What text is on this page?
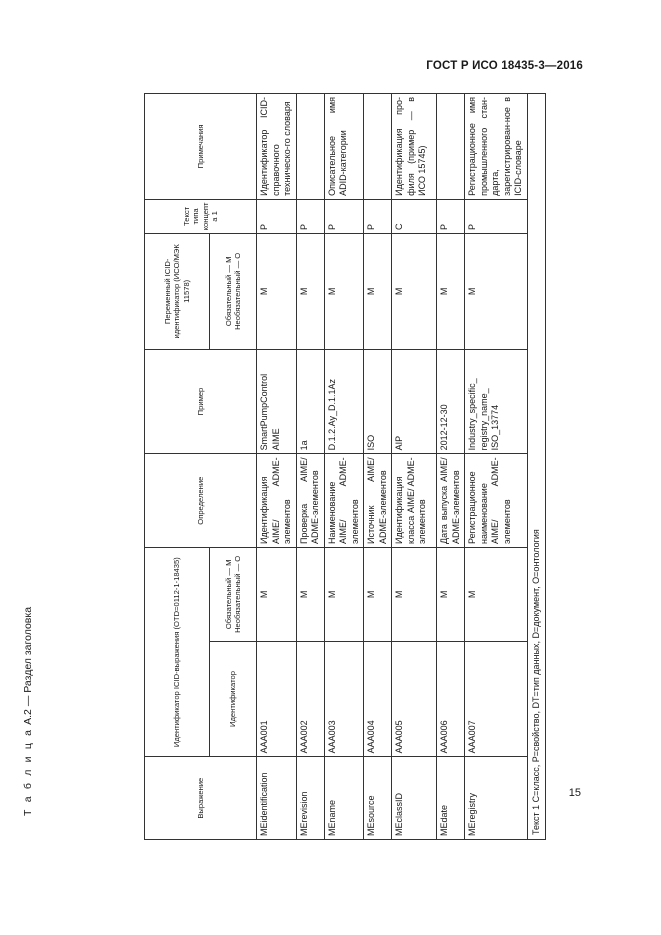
ГОСТ Р ИСО 18435-3—2016
Т а б л и ц а А.2 — Раздел заголовка
Выражение	Идентификатор ICID-выражения (OTD=0112-1-18435)		Определение	Пример	Переменный ICID-идентификатор (ИСО/МЭК 11578)	Текст типа концепта 1	Примечания
	Идентификатор	Обязательный — М Необязательный — О			Обязательный — М Необязательный — О		
MEidentification	AAA001	M	Идентификация AIME/ ADME-элементов	SmartPumpControl AIME	M	P	Идентификатор ICID-справочного техническо-го словаря
MErevision	AAA002	M	Проверка AIME/ ADME-элементов	1a	M	P	
MEname	AAA003	M	Наименование AIME/ ADME-элементов	D.1.2.Ay_D.1.1Az	M	P	Описательное имя ADID-категории
MEsource	AAA004	M	Источник AIME/ ADME-элементов	ISO	M	P	
MEclassID	AAA005	M	Идентификация класса AIME/ ADME-элементов	AIP	M	C	Идентификация про-филя (пример — в ИСО 15745)
MEdate	AAA006	M	Дата выпуска AIME/ ADME-элементов	2012-12-30	M	P	
MEregistry	AAA007	M	Регистрационное наименование AIME/ ADME-элементов	Industry_specific_ registry_name_ ISO_13774	M	P	Регистрационное имя промышленного стан-дарта, зарегистрирован-ное в ICID-словаре
Текст 1 C=класс, P=свойство, DT=тип данных, D=документ, O=онтология								15
